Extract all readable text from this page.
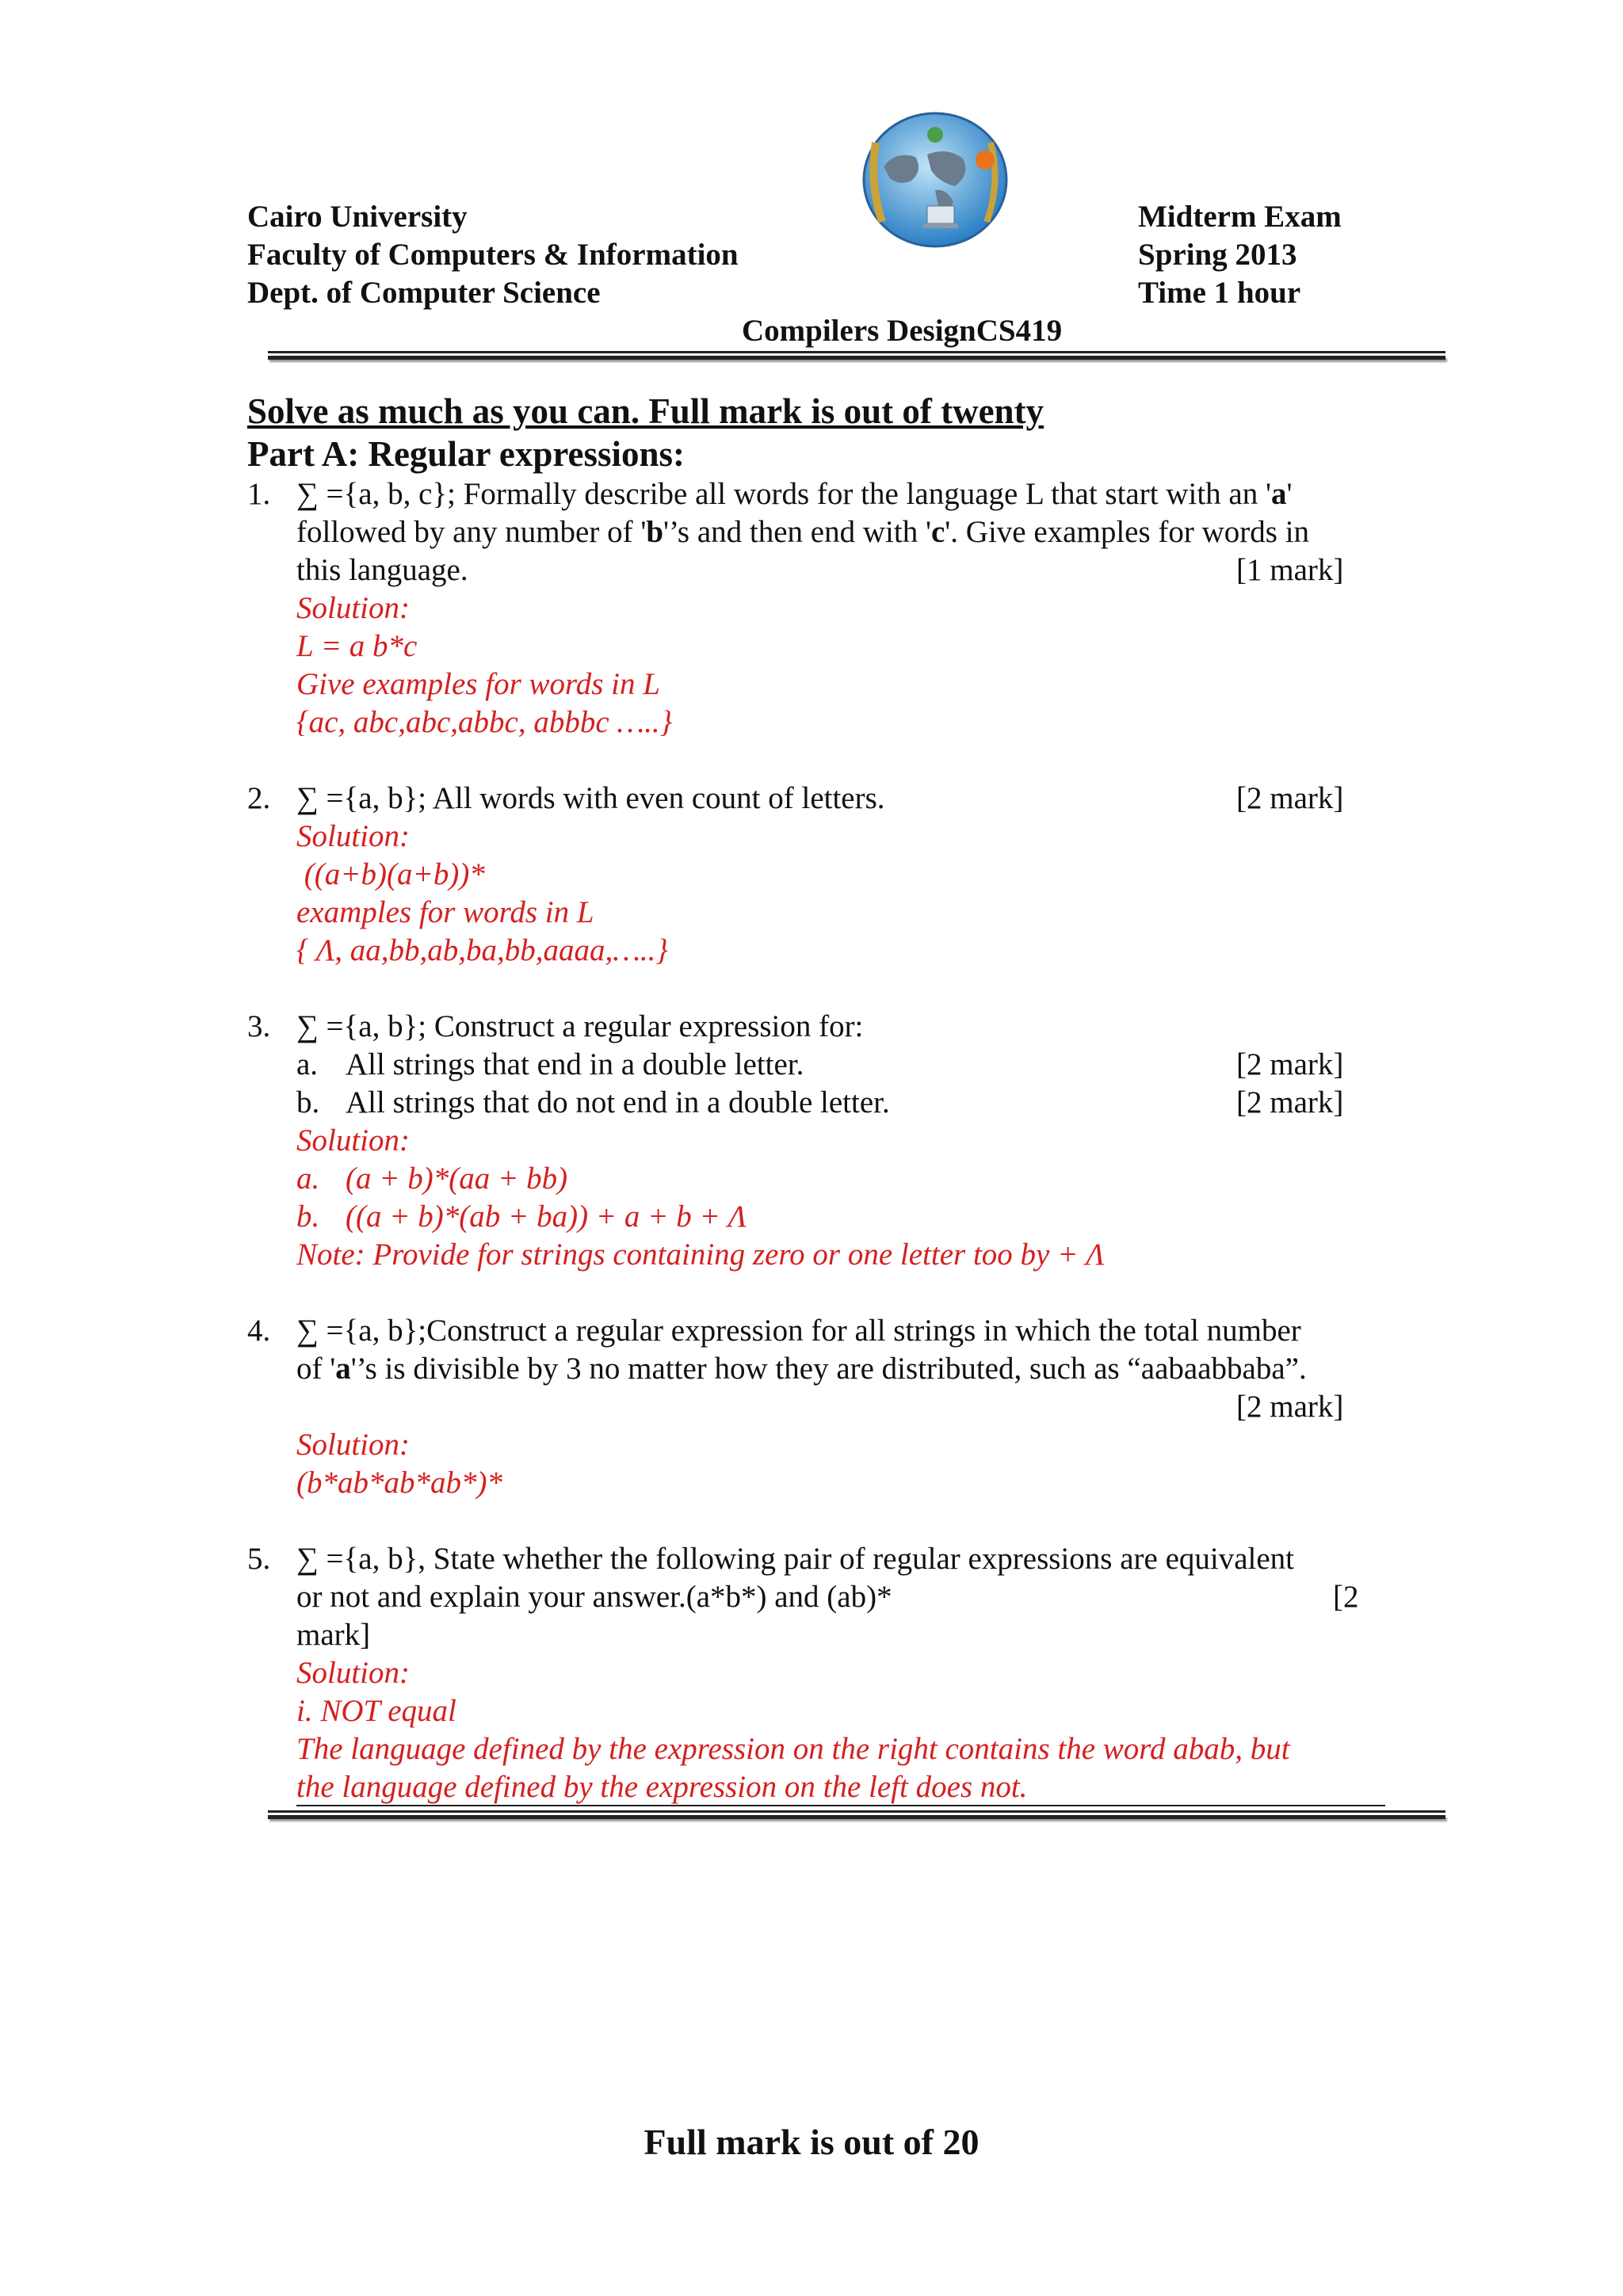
Cairo University
Faculty of Computers & Information
Dept. of Computer Science
Midterm Exam
Spring 2013
Time 1 hour
Compilers DesignCS419
Solve as much as you can. Full mark is out of twenty
Part A: Regular expressions:
1. ∑ ={a, b, c}; Formally describe all words for the language L that start with an 'a'
followed by any number of 'b'’s and then end with 'c'. Give examples for words in
this language.	[1 mark]
Solution:
L = a b*c
Give examples for words in L
{ac, abc,abc,abbc, abbbc …..}
2. ∑ ={a, b}; All words with even count of letters.	[2 mark]
Solution:
((a+b)(a+b))*
examples for words in L
{ Λ, aa,bb,ab,ba,bb,aaaa,…..}
3. ∑ ={a, b}; Construct a regular expression for:
a. All strings that end in a double letter.	[2 mark]
b. All strings that do not end in a double letter.	[2 mark]
Solution:
a. (a + b)*(aa + bb)
b. ((a + b)*(ab + ba)) + a + b + Λ
Note: Provide for strings containing zero or one letter too by + Λ
4. ∑ ={a, b};Construct a regular expression for all strings in which the total number
of 'a'’s is divisible by 3 no matter how they are distributed, such as “aabaabbaba”.
[2 mark]
Solution:
(b*ab*ab*ab*)*
5. ∑ ={a, b}, State whether the following pair of regular expressions are equivalent
or not and explain your answer.(a*b*) and (ab)*	[2
mark]
Solution:
i. NOT equal
The language defined by the expression on the right contains the word abab, but
the language defined by the expression on the left does not.
Full mark is out of 20
